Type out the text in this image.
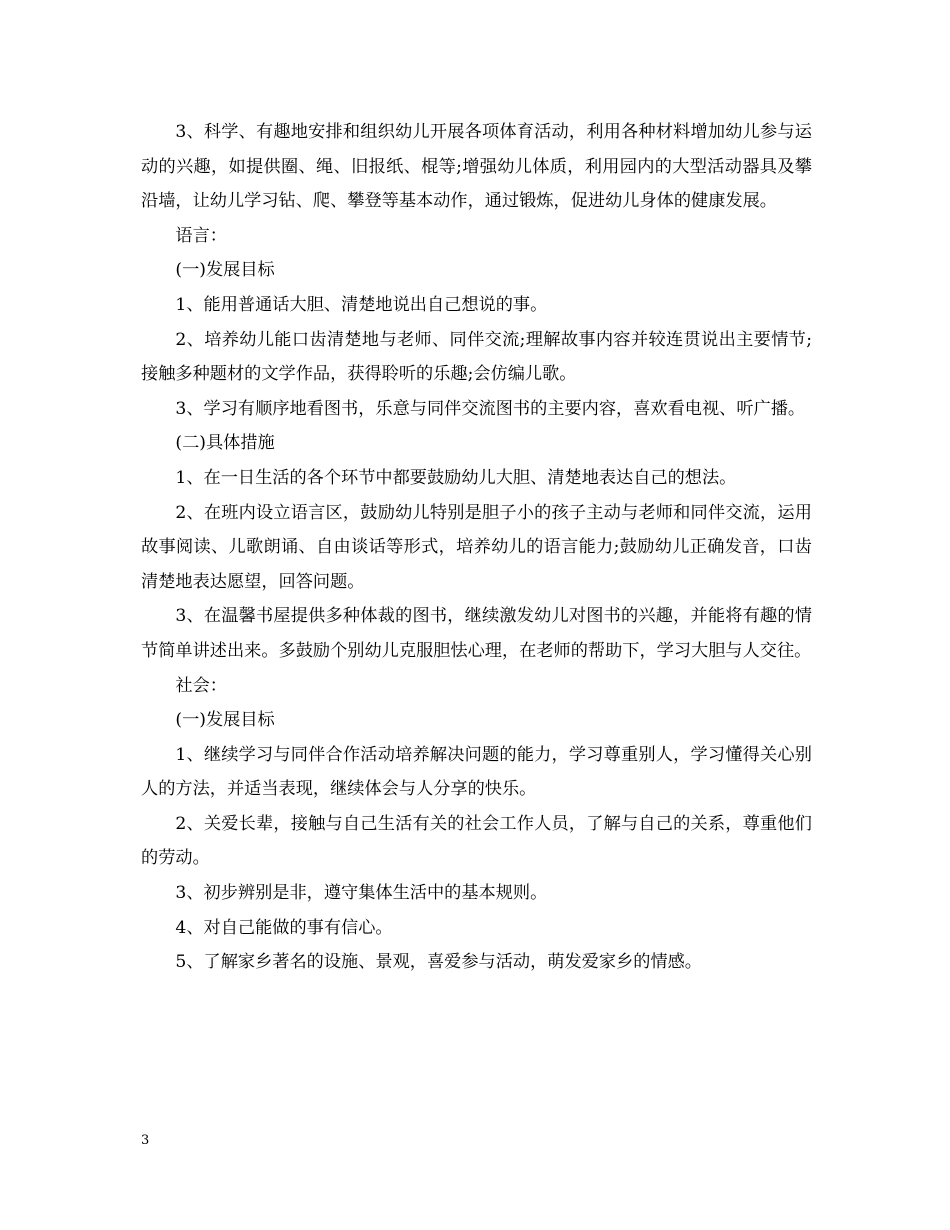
3、科学、有趣地安排和组织幼儿开展各项体育活动，利用各种材料增加幼儿参与运动的兴趣，如提供圈、绳、旧报纸、棍等;增强幼儿体质，利用园内的大型活动器具及攀沿墙，让幼儿学习钻、爬、攀登等基本动作，通过锻炼，促进幼儿身体的健康发展。

语言：

(一)发展目标

1、能用普通话大胆、清楚地说出自己想说的事。

2、培养幼儿能口齿清楚地与老师、同伴交流;理解故事内容并较连贯说出主要情节;接触多种题材的文学作品，获得聆听的乐趣;会仿编儿歌。

3、学习有顺序地看图书，乐意与同伴交流图书的主要内容，喜欢看电视、听广播。

(二)具体措施

1、在一日生活的各个环节中都要鼓励幼儿大胆、清楚地表达自己的想法。

2、在班内设立语言区，鼓励幼儿特别是胆子小的孩子主动与老师和同伴交流，运用故事阅读、儿歌朗诵、自由谈话等形式，培养幼儿的语言能力;鼓励幼儿正确发音，口齿清楚地表达愿望，回答问题。

3、在温馨书屋提供多种体裁的图书，继续激发幼儿对图书的兴趣，并能将有趣的情节简单讲述出来。多鼓励个别幼儿克服胆怯心理，在老师的帮助下，学习大胆与人交往。

社会：

(一)发展目标

1、继续学习与同伴合作活动培养解决问题的能力，学习尊重别人，学习懂得关心别人的方法，并适当表现，继续体会与人分享的快乐。

2、关爱长辈，接触与自己生活有关的社会工作人员，了解与自己的关系，尊重他们的劳动。

3、初步辨别是非，遵守集体生活中的基本规则。

4、对自己能做的事有信心。

5、了解家乡著名的设施、景观，喜爱参与活动，萌发爱家乡的情感。

3
